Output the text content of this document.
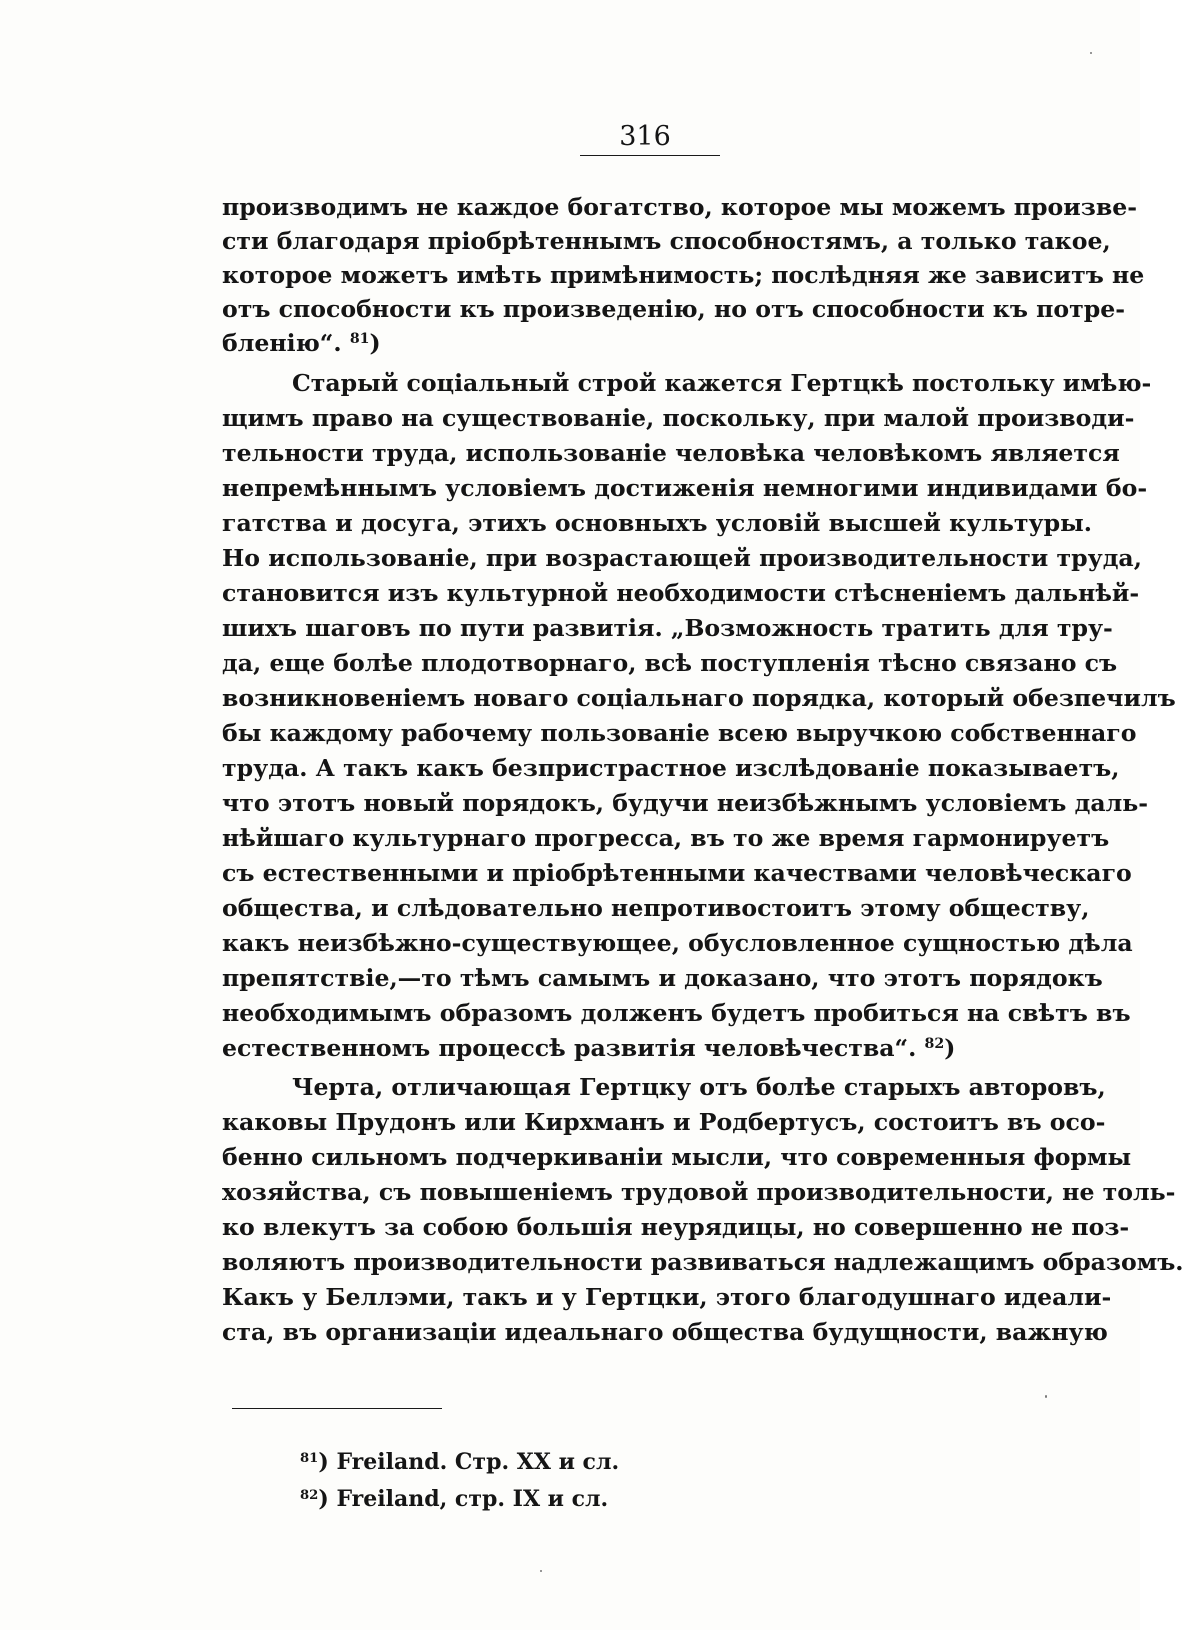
316
производимъ не каждое богатство, которое мы можемъ произве-
сти благодаря пріобрѣтеннымъ способностямъ, а только такое,
которое можетъ имѣть примѣнимость; послѣдняя же зависитъ не
отъ способности къ произведенію, но отъ способности къ потре-
бленію“. $^{81}$)
Старый соціальный строй кажется Гертцкѣ постольку имѣю-
щимъ право на существованіе, поскольку, при малой производи-
тельности труда, использованіе человѣка человѣкомъ является
непремѣннымъ условіемъ достиженія немногими индивидами бо-
гатства и досуга, этихъ основныхъ условій высшей культуры.
Но использованіе, при возрастающей производительности труда,
становится изъ культурной необходимости стѣсненіемъ дальнѣй-
шихъ шаговъ по пути развитія. „Возможность тратить для тру-
да, еще болѣе плодотворнаго, всѣ поступленія тѣсно связано съ
возникновеніемъ новаго соціальнаго порядка, который обезпечилъ
бы каждому рабочему пользованіе всею выручкою собственнаго
труда. А такъ какъ безпристрастное изслѣдованіе показываетъ,
что этотъ новый порядокъ, будучи неизбѣжнымъ условіемъ даль-
нѣйшаго культурнаго прогресса, въ то же время гармонируетъ
съ естественными и пріобрѣтенными качествами человѣческаго
общества, и слѣдовательно непротивостоитъ этому обществу,
какъ неизбѣжно-существующее, обусловленное сущностью дѣла
препятствіе,—то тѣмъ самымъ и доказано, что этотъ порядокъ
необходимымъ образомъ долженъ будетъ пробиться на свѣтъ въ
естественномъ процессѣ развитія человѣчества“. $^{82}$)
Черта, отличающая Гертцку отъ болѣе старыхъ авторовъ,
каковы Прудонъ или Кирхманъ и Родбертусъ, состоитъ въ осо-
бенно сильномъ подчеркиваніи мысли, что современныя формы
хозяйства, съ повышеніемъ трудовой производительности, не толь-
ко влекутъ за собою большія неурядицы, но совершенно не поз-
воляютъ производительности развиваться надлежащимъ образомъ.
Какъ у Беллэми, такъ и у Гертцки, этого благодушнаго идеали-
ста, въ организаціи идеальнаго общества будущности, важную
$^{81}$) Freiland. Стр. XX и сл.
$^{82}$) Freiland, стр. IX и сл.
